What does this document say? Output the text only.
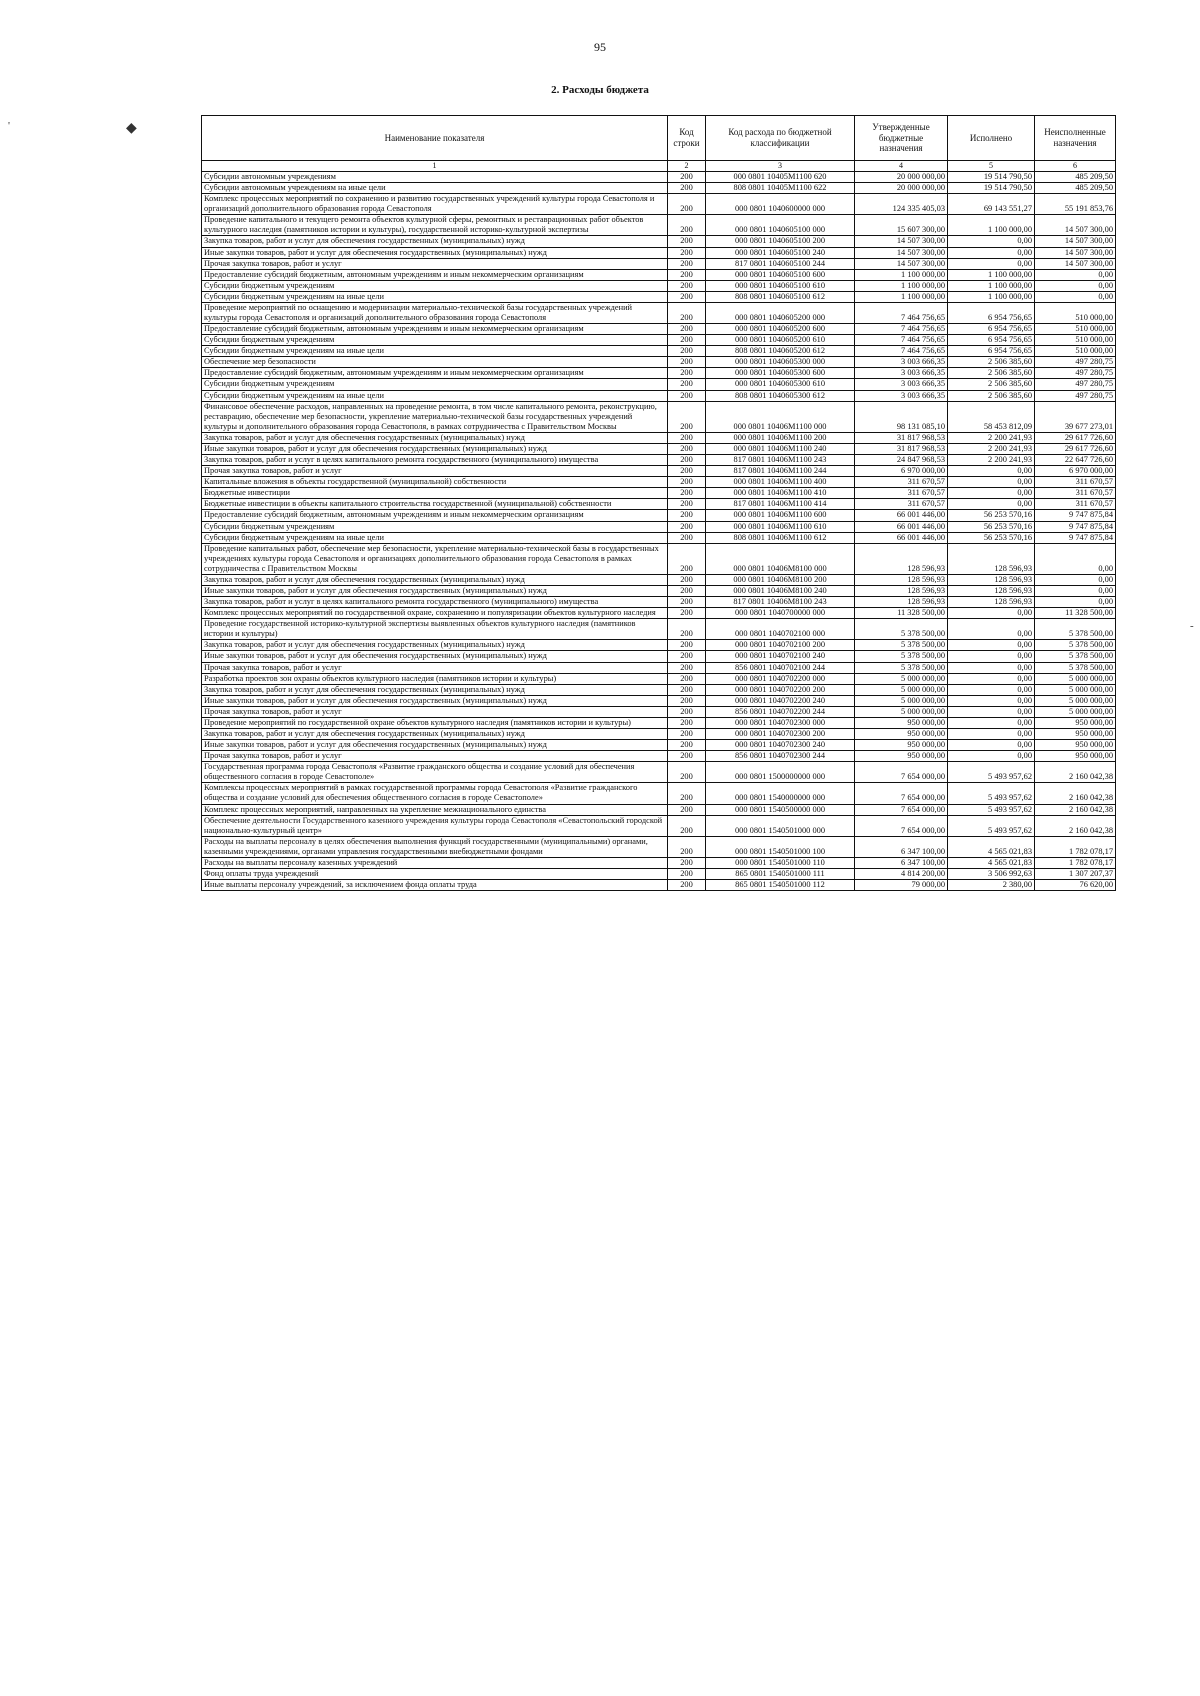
95
2. Расходы бюджета
'	◆
-
Наименование показателя	Код строки	Код расхода по бюджетной классификации	Утвержденные бюджетные назначения	Исполнено	Неисполненные назначения
1	2	3	4	5	6
Субсидии автономным учреждениям	200	000 0801 10405M1100 620	20 000 000,00	19 514 790,50	485 209,50
Субсидии автономным учреждениям на иные цели	200	808 0801 10405M1100 622	20 000 000,00	19 514 790,50	485 209,50
Комплекс процессных мероприятий по сохранению и развитию государственных учреждений культуры города Севастополя и организаций дополнительного образования города Севастополя	200	000 0801 1040600000 000	124 335 405,03	69 143 551,27	55 191 853,76
Проведение капитального и текущего ремонта объектов культурной сферы, ремонтных и реставрационных работ объектов культурного наследия (памятников истории и культуры), государственной историко-культурной экспертизы	200	000 0801 1040605100 000	15 607 300,00	1 100 000,00	14 507 300,00
Закупка товаров, работ и услуг для обеспечения государственных (муниципальных) нужд	200	000 0801 1040605100 200	14 507 300,00	0,00	14 507 300,00
Иные закупки товаров, работ и услуг для обеспечения государственных (муниципальных) нужд	200	000 0801 1040605100 240	14 507 300,00	0,00	14 507 300,00
Прочая закупка товаров, работ и услуг	200	817 0801 1040605100 244	14 507 300,00	0,00	14 507 300,00
Предоставление субсидий бюджетным, автономным учреждениям и иным некоммерческим организациям	200	000 0801 1040605100 600	1 100 000,00	1 100 000,00	0,00
Субсидии бюджетным учреждениям	200	000 0801 1040605100 610	1 100 000,00	1 100 000,00	0,00
Субсидии бюджетным учреждениям на иные цели	200	808 0801 1040605100 612	1 100 000,00	1 100 000,00	0,00
Проведение мероприятий по оснащению и модернизации материально-технической базы государственных учреждений культуры города Севастополя и организаций дополнительного образования города Севастополя	200	000 0801 1040605200 000	7 464 756,65	6 954 756,65	510 000,00
Предоставление субсидий бюджетным, автономным учреждениям и иным некоммерческим организациям	200	000 0801 1040605200 600	7 464 756,65	6 954 756,65	510 000,00
Субсидии бюджетным учреждениям	200	000 0801 1040605200 610	7 464 756,65	6 954 756,65	510 000,00
Субсидии бюджетным учреждениям на иные цели	200	808 0801 1040605200 612	7 464 756,65	6 954 756,65	510 000,00
Обеспечение мер безопасности	200	000 0801 1040605300 000	3 003 666,35	2 506 385,60	497 280,75
Предоставление субсидий бюджетным, автономным учреждениям и иным некоммерческим организациям	200	000 0801 1040605300 600	3 003 666,35	2 506 385,60	497 280,75
Субсидии бюджетным учреждениям	200	000 0801 1040605300 610	3 003 666,35	2 506 385,60	497 280,75
Субсидии бюджетным учреждениям на иные цели	200	808 0801 1040605300 612	3 003 666,35	2 506 385,60	497 280,75
Финансовое обеспечение расходов, направленных на проведение ремонта, в том числе капитального ремонта, реконструкцию, реставрацию, обеспечение мер безопасности, укрепление материально-технической базы государственных учреждений культуры и дополнительного образования города Севастополя, в рамках сотрудничества с Правительством Москвы	200	000 0801 10406M1100 000	98 131 085,10	58 453 812,09	39 677 273,01
Закупка товаров, работ и услуг для обеспечения государственных (муниципальных) нужд	200	000 0801 10406M1100 200	31 817 968,53	2 200 241,93	29 617 726,60
Иные закупки товаров, работ и услуг для обеспечения государственных (муниципальных) нужд	200	000 0801 10406M1100 240	31 817 968,53	2 200 241,93	29 617 726,60
Закупка товаров, работ и услуг в целях капитального ремонта государственного (муниципального) имущества	200	817 0801 10406M1100 243	24 847 968,53	2 200 241,93	22 647 726,60
Прочая закупка товаров, работ и услуг	200	817 0801 10406M1100 244	6 970 000,00	0,00	6 970 000,00
Капитальные вложения в объекты государственной (муниципальной) собственности	200	000 0801 10406M1100 400	311 670,57	0,00	311 670,57
Бюджетные инвестиции	200	000 0801 10406M1100 410	311 670,57	0,00	311 670,57
Бюджетные инвестиции в объекты капитального строительства государственной (муниципальной) собственности	200	817 0801 10406M1100 414	311 670,57	0,00	311 670,57
Предоставление субсидий бюджетным, автономным учреждениям и иным некоммерческим организациям	200	000 0801 10406M1100 600	66 001 446,00	56 253 570,16	9 747 875,84
Субсидии бюджетным учреждениям	200	000 0801 10406M1100 610	66 001 446,00	56 253 570,16	9 747 875,84
Субсидии бюджетным учреждениям на иные цели	200	808 0801 10406M1100 612	66 001 446,00	56 253 570,16	9 747 875,84
Проведение капитальных работ, обеспечение мер безопасности, укрепление материально-технической базы в государственных учреждениях культуры города Севастополя и организациях дополнительного образования города Севастополя в рамках сотрудничества с Правительством Москвы	200	000 0801 10406M8100 000	128 596,93	128 596,93	0,00
Закупка товаров, работ и услуг для обеспечения государственных (муниципальных) нужд	200	000 0801 10406M8100 200	128 596,93	128 596,93	0,00
Иные закупки товаров, работ и услуг для обеспечения государственных (муниципальных) нужд	200	000 0801 10406M8100 240	128 596,93	128 596,93	0,00
Закупка товаров, работ и услуг в целях капитального ремонта государственного (муниципального) имущества	200	817 0801 10406M8100 243	128 596,93	128 596,93	0,00
Комплекс процессных мероприятий по государственной охране, сохранению и популяризации объектов культурного наследия	200	000 0801 1040700000 000	11 328 500,00	0,00	11 328 500,00
Проведение государственной историко-культурной экспертизы выявленных объектов культурного наследия (памятников истории и культуры)	200	000 0801 1040702100 000	5 378 500,00	0,00	5 378 500,00
Закупка товаров, работ и услуг для обеспечения государственных (муниципальных) нужд	200	000 0801 1040702100 200	5 378 500,00	0,00	5 378 500,00
Иные закупки товаров, работ и услуг для обеспечения государственных (муниципальных) нужд	200	000 0801 1040702100 240	5 378 500,00	0,00	5 378 500,00
Прочая закупка товаров, работ и услуг	200	856 0801 1040702100 244	5 378 500,00	0,00	5 378 500,00
Разработка проектов зон охраны объектов культурного наследия (памятников истории и культуры)	200	000 0801 1040702200 000	5 000 000,00	0,00	5 000 000,00
Закупка товаров, работ и услуг для обеспечения государственных (муниципальных) нужд	200	000 0801 1040702200 200	5 000 000,00	0,00	5 000 000,00
Иные закупки товаров, работ и услуг для обеспечения государственных (муниципальных) нужд	200	000 0801 1040702200 240	5 000 000,00	0,00	5 000 000,00
Прочая закупка товаров, работ и услуг	200	856 0801 1040702200 244	5 000 000,00	0,00	5 000 000,00
Проведение мероприятий по государственной охране объектов культурного наследия (памятников истории и культуры)	200	000 0801 1040702300 000	950 000,00	0,00	950 000,00
Закупка товаров, работ и услуг для обеспечения государственных (муниципальных) нужд	200	000 0801 1040702300 200	950 000,00	0,00	950 000,00
Иные закупки товаров, работ и услуг для обеспечения государственных (муниципальных) нужд	200	000 0801 1040702300 240	950 000,00	0,00	950 000,00
Прочая закупка товаров, работ и услуг	200	856 0801 1040702300 244	950 000,00	0,00	950 000,00
Государственная программа города Севастополя «Развитие гражданского общества и создание условий для обеспечения общественного согласия в городе Севастополе»	200	000 0801 1500000000 000	7 654 000,00	5 493 957,62	2 160 042,38
Комплексы процессных мероприятий в рамках государственной программы города Севастополя «Развитие гражданского общества и создание условий для обеспечения общественного согласия в городе Севастополе»	200	000 0801 1540000000 000	7 654 000,00	5 493 957,62	2 160 042,38
Комплекс процессных мероприятий, направленных на укрепление межнационального единства	200	000 0801 1540500000 000	7 654 000,00	5 493 957,62	2 160 042,38
Обеспечение деятельности Государственного казенного учреждения культуры города Севастополя «Севастопольский городской национально-культурный центр»	200	000 0801 1540501000 000	7 654 000,00	5 493 957,62	2 160 042,38
Расходы на выплаты персоналу в целях обеспечения выполнения функций государственными (муниципальными) органами, казенными учреждениями, органами управления государственными внебюджетными фондами	200	000 0801 1540501000 100	6 347 100,00	4 565 021,83	1 782 078,17
Расходы на выплаты персоналу казенных учреждений	200	000 0801 1540501000 110	6 347 100,00	4 565 021,83	1 782 078,17
Фонд оплаты труда учреждений	200	865 0801 1540501000 111	4 814 200,00	3 506 992,63	1 307 207,37
Иные выплаты персоналу учреждений, за исключением фонда оплаты труда	200	865 0801 1540501000 112	79 000,00	2 380,00	76 620,00
